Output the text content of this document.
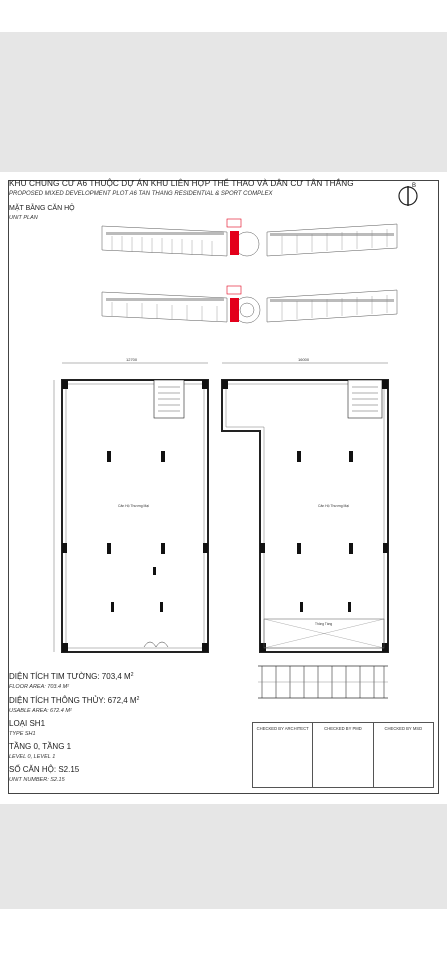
KHU CHUNG CƯ A6 THUỘC DỰ ÁN KHU LIÊN HỢP THỂ THAO VÀ DÂN CƯ TÂN THẮNG
PROPOSED MIXED DEVELOPMENT PLOT A6 TAN THANG RESIDENTIAL & SPORT COMPLEX
MẶT BẰNG CĂN HỘ
UNIT PLAN
B
12700
Căn Hộ Thương Mại
16000
Thông Tầng
Căn Hộ Thương Mại
DIỆN TÍCH TIM TƯỜNG: 703,4 $M^2$
FLOOR AREA: 703.4 M²
DIỆN TÍCH THÔNG THỦY: 672,4 $M^2$
USABLE AREA: 672.4 M²
LOẠI SH1
TYPE SH1
TẦNG 0, TẦNG 1
LEVEL 0, LEVEL 1
SỐ CĂN HỘ: S2.15
UNIT NUMBER: S2.15
CHECKED BY ARCHITECT	CHECKED BY PMD	CHECKED BY MSD
